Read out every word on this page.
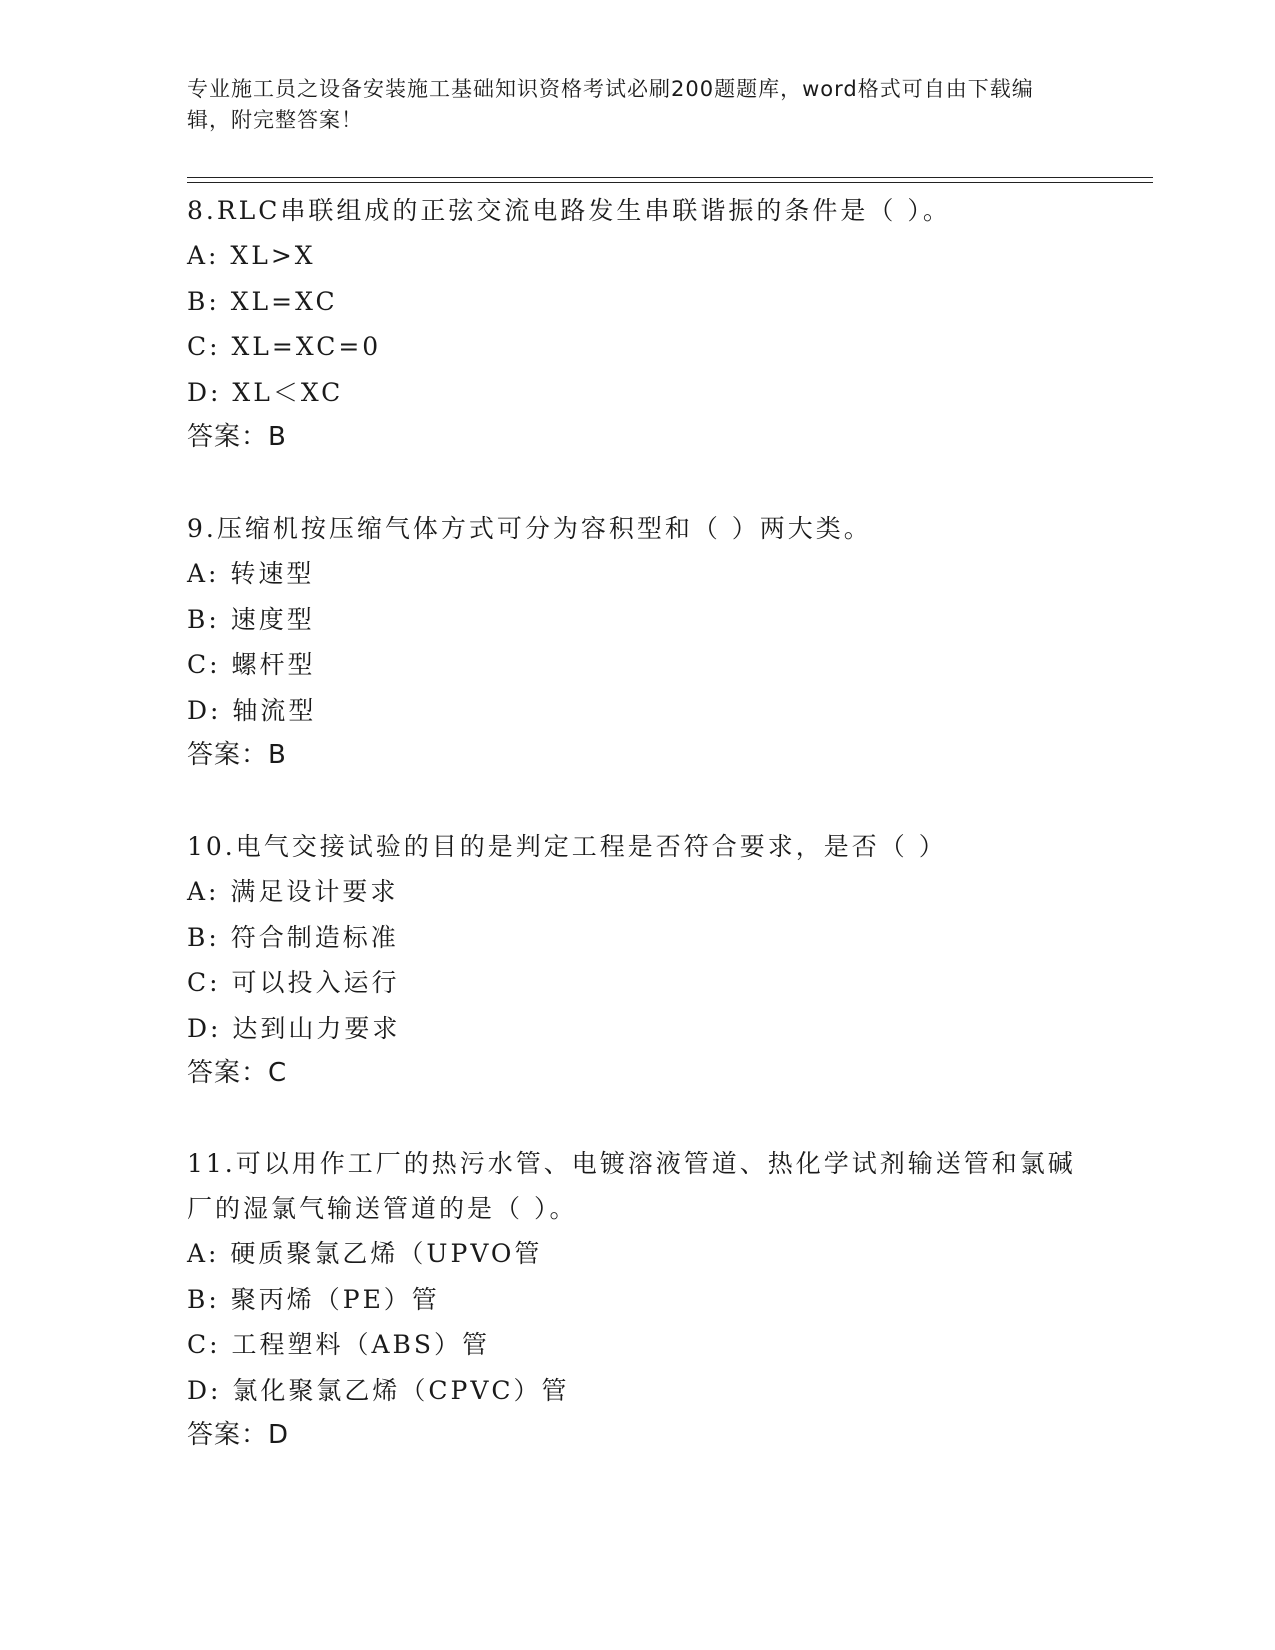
专业施工员之设备安装施工基础知识资格考试必刷200题题库，word格式可自由下载编辑，附完整答案！
8.RLC串联组成的正弦交流电路发生串联谐振的条件是（ ）。
A: XL>X
B: XL=XC
C: XL=XC=0
D: XL＜XC
答案：B
9.压缩机按压缩气体方式可分为容积型和（ ）两大类。
A: 转速型
B: 速度型
C: 螺杆型
D: 轴流型
答案：B
10.电气交接试验的目的是判定工程是否符合要求，是否（ ）
A: 满足设计要求
B: 符合制造标准
C: 可以投入运行
D: 达到山力要求
答案：C
11.可以用作工厂的热污水管、电镀溶液管道、热化学试剂输送管和氯碱厂的湿氯气输送管道的是（ ）。
A: 硬质聚氯乙烯（UPVO管
B: 聚丙烯（PE）管
C: 工程塑料（ABS）管
D: 氯化聚氯乙烯（CPVC）管
答案：D
